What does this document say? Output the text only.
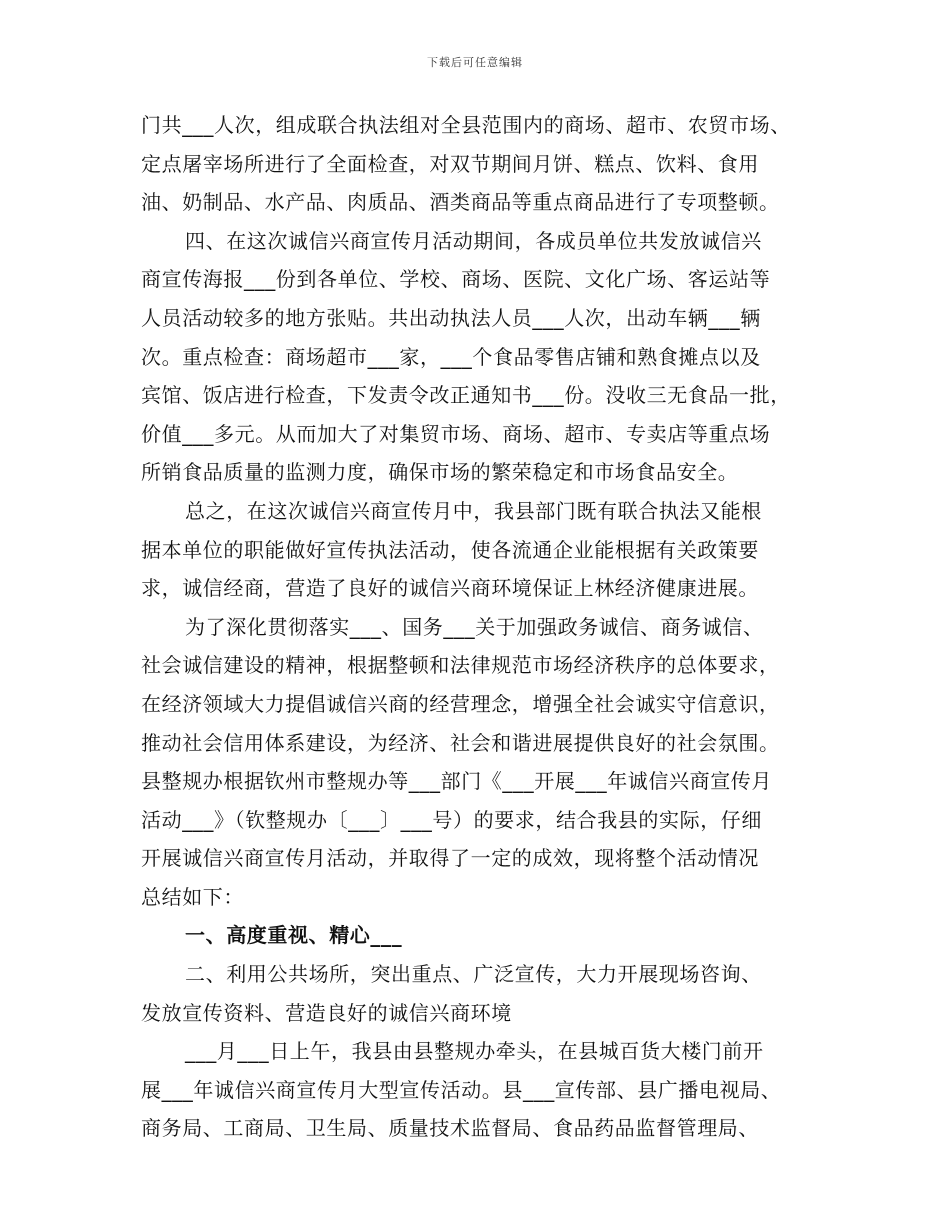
下载后可任意编辑
门共___人次，组成联合执法组对全县范围内的商场、超市、农贸市场、
定点屠宰场所进行了全面检查，对双节期间月饼、糕点、饮料、食用
油、奶制品、水产品、肉质品、酒类商品等重点商品进行了专项整顿。
四、在这次诚信兴商宣传月活动期间，各成员单位共发放诚信兴
商宣传海报___份到各单位、学校、商场、医院、文化广场、客运站等
人员活动较多的地方张贴。共出动执法人员___人次，出动车辆___辆
次。重点检查：商场超市___家，___个食品零售店铺和熟食摊点以及
宾馆、饭店进行检查，下发责令改正通知书___份。没收三无食品一批，
价值___多元。从而加大了对集贸市场、商场、超市、专卖店等重点场
所销食品质量的监测力度，确保市场的繁荣稳定和市场食品安全。
总之，在这次诚信兴商宣传月中，我县部门既有联合执法又能根
据本单位的职能做好宣传执法活动，使各流通企业能根据有关政策要
求，诚信经商，营造了良好的诚信兴商环境保证上林经济健康进展。
为了深化贯彻落实___、国务___关于加强政务诚信、商务诚信、
社会诚信建设的精神，根据整顿和法律规范市场经济秩序的总体要求，
在经济领域大力提倡诚信兴商的经营理念，增强全社会诚实守信意识，
推动社会信用体系建设，为经济、社会和谐进展提供良好的社会氛围。
县整规办根据钦州市整规办等___部门《___开展___年诚信兴商宣传月
活动___》（钦整规办〔___〕___号）的要求，结合我县的实际，仔细
开展诚信兴商宣传月活动，并取得了一定的成效，现将整个活动情况
总结如下：
一、高度重视、精心___
二、利用公共场所，突出重点、广泛宣传，大力开展现场咨询、
发放宣传资料、营造良好的诚信兴商环境
___月___日上午，我县由县整规办牵头，在县城百货大楼门前开
展___年诚信兴商宣传月大型宣传活动。县___宣传部、县广播电视局、
商务局、工商局、卫生局、质量技术监督局、食品药品监督管理局、
